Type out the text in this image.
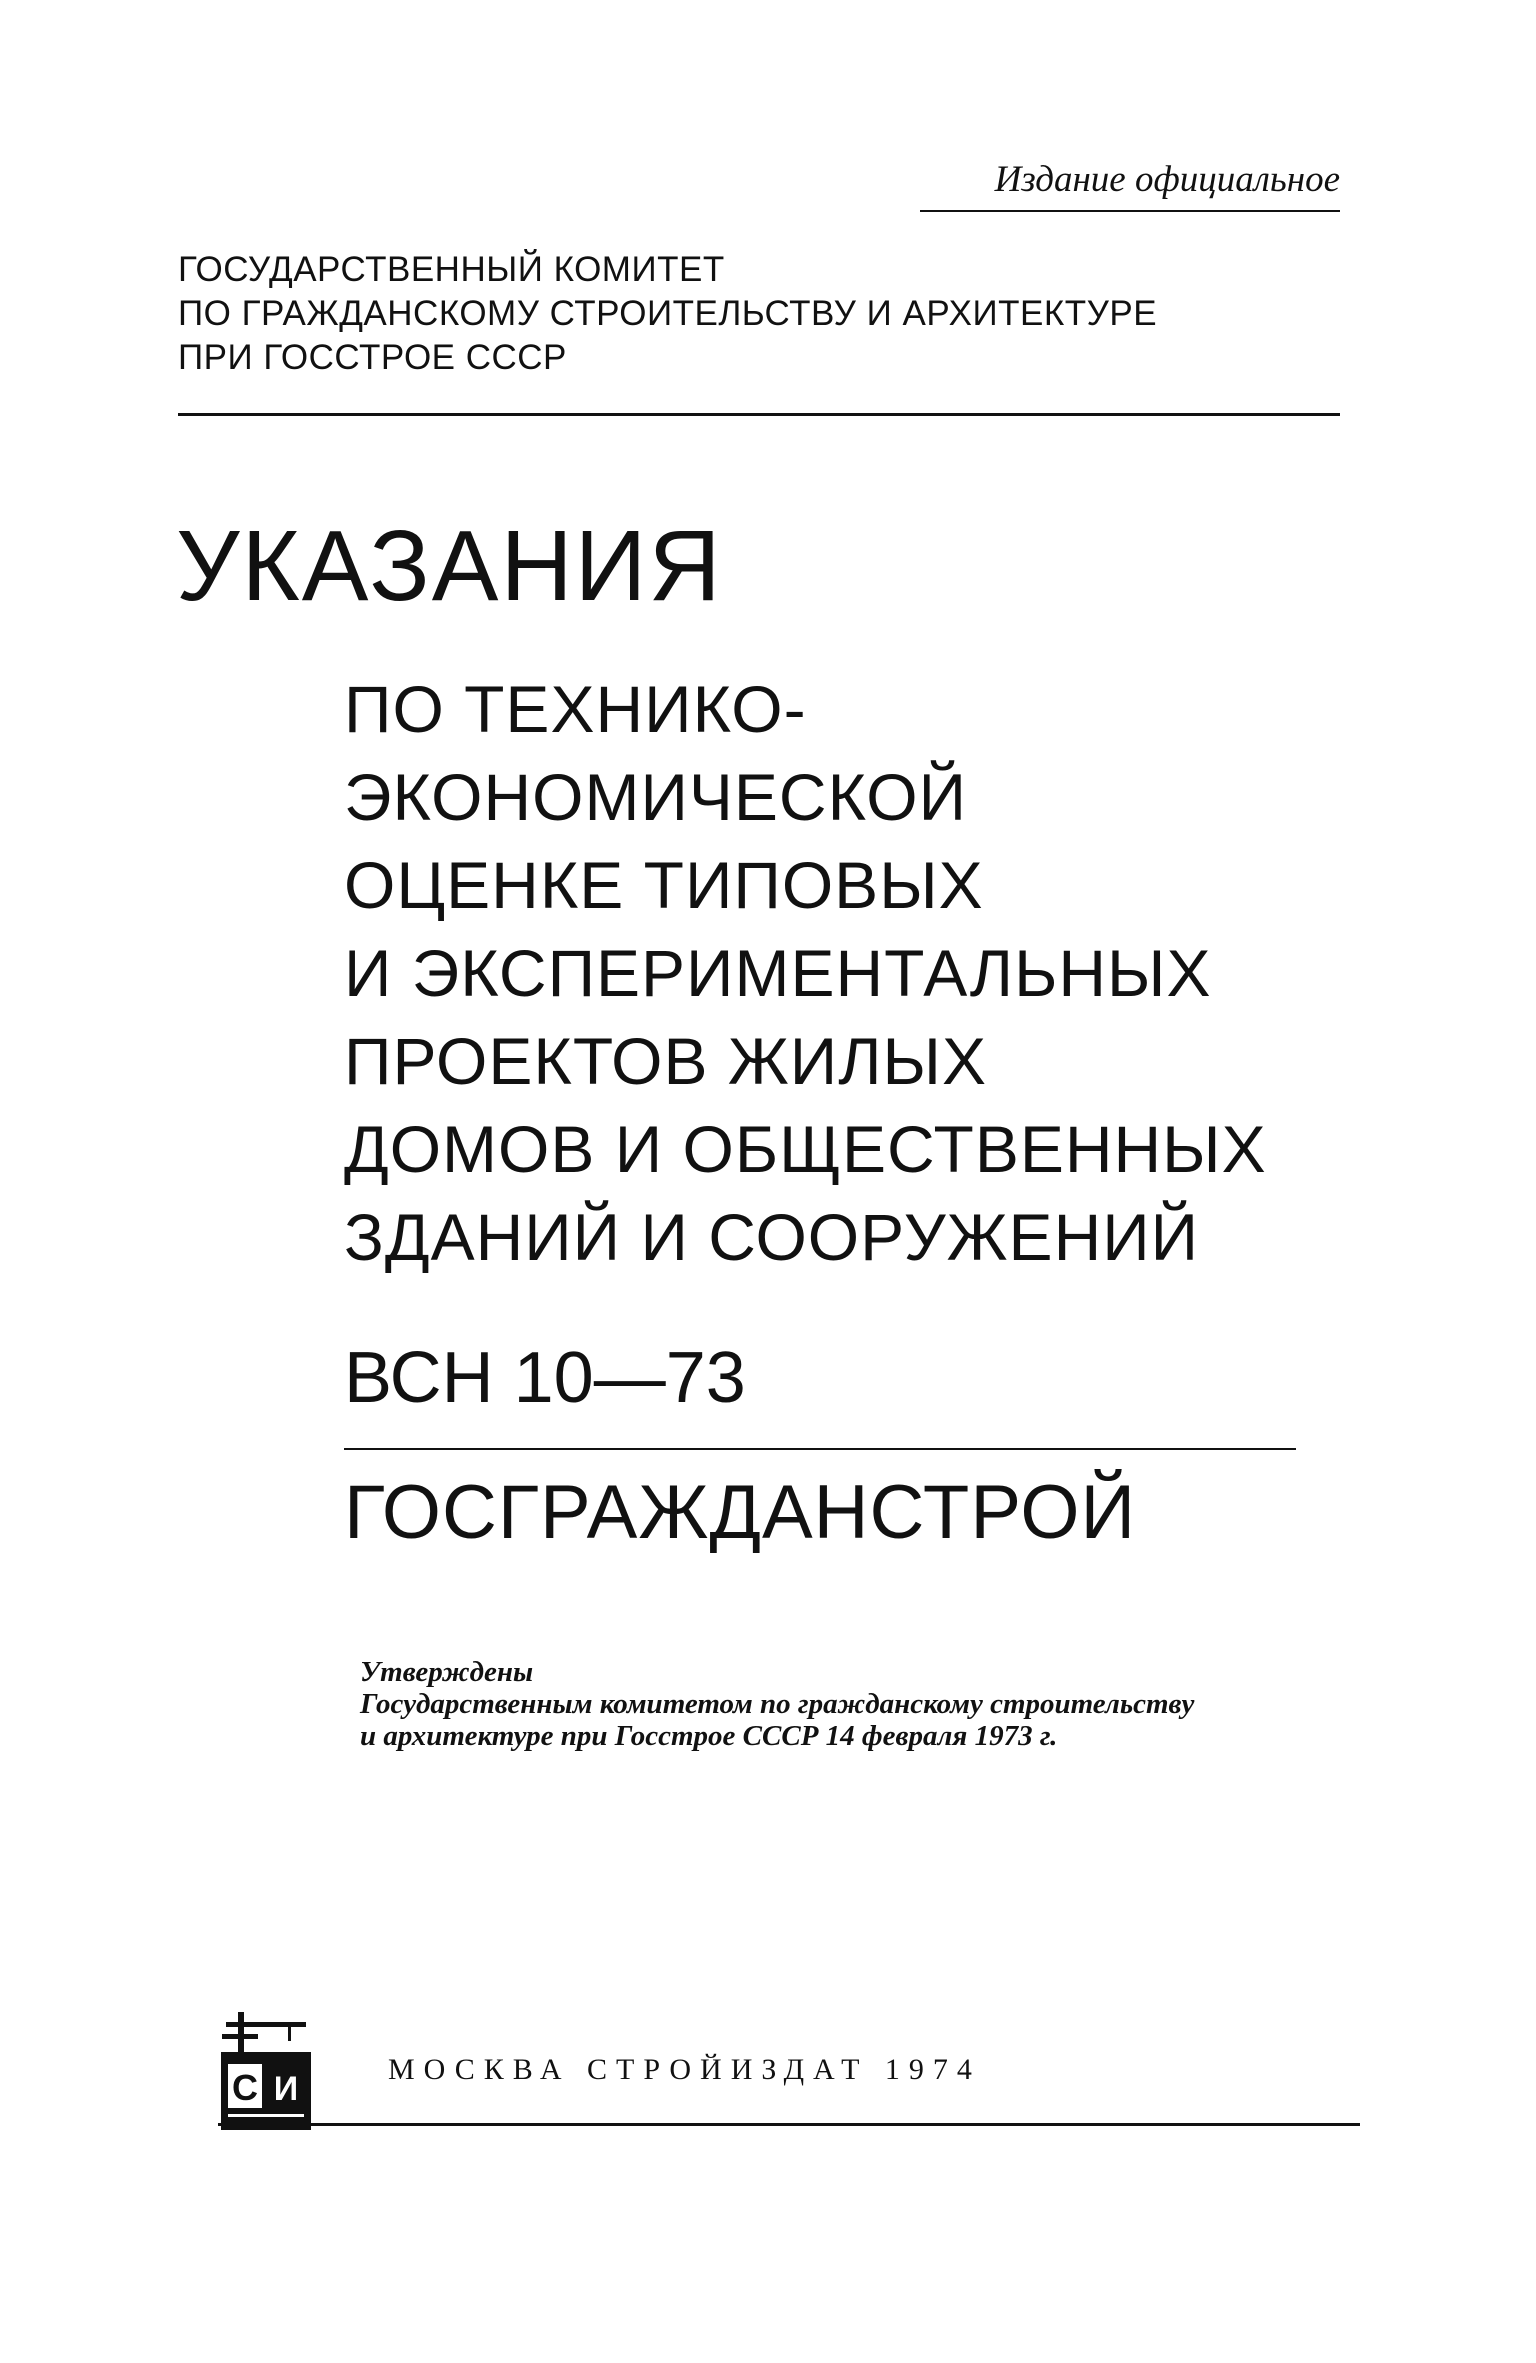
Издание официальное
ГОСУДАРСТВЕННЫЙ КОМИТЕТ
ПО ГРАЖДАНСКОМУ СТРОИТЕЛЬСТВУ И АРХИТЕКТУРЕ
ПРИ ГОССТРОЕ СССР
УКАЗАНИЯ
ПО ТЕХНИКО-
ЭКОНОМИЧЕСКОЙ
ОЦЕНКЕ ТИПОВЫХ
И ЭКСПЕРИМЕНТАЛЬНЫХ
ПРОЕКТОВ ЖИЛЫХ
ДОМОВ И ОБЩЕСТВЕННЫХ
ЗДАНИЙ И СООРУЖЕНИЙ
ВСН 10—73
ГОСГРАЖДАНСТРОЙ
Утверждены
Государственным комитетом по гражданскому строительству
и архитектуре при Госстрое СССР 14 февраля 1973 г.
С И
МОСКВА СТРОЙИЗДАТ 1974
